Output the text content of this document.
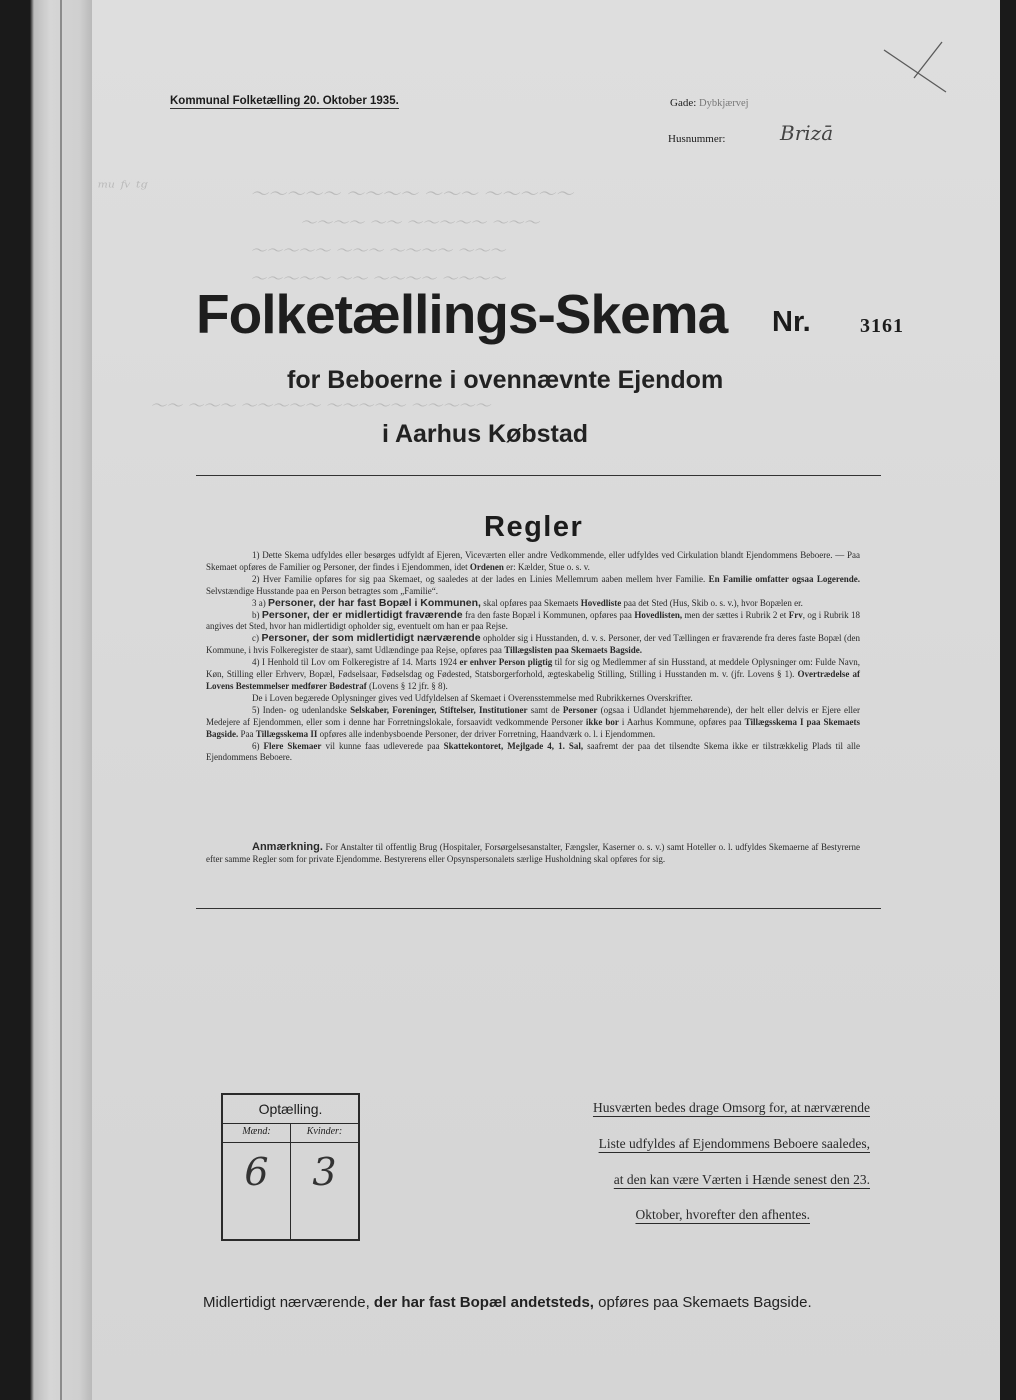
ᵐᵘ ᶠᵛ ᵗᵍ	〜〜〜〜〜 〜〜〜〜 〜〜〜 〜〜〜〜〜
〜〜〜〜 〜〜 〜〜〜〜〜 〜〜〜
〜〜〜〜〜 〜〜〜 〜〜〜〜 〜〜〜
〜〜〜〜〜 〜〜 〜〜〜〜 〜〜〜〜
〜〜 〜〜〜 〜〜〜〜〜 〜〜〜〜〜 〜〜〜〜〜
Kommunal Folketælling 20. Oktober 1935.	Gade: Dybkjærvej
Husnummer:	Brizā
Folketællings-Skema Nr. 3161
for Beboerne i ovennævnte Ejendom
i Aarhus Købstad
Regler

1) Dette Skema udfyldes eller besørges udfyldt af Ejeren, Viceværten eller andre Vedkommende, eller udfyldes ved Cirkulation blandt Ejendommens Beboere. — Paa Skemaet opføres de Familier og Personer, der findes i Ejendommen, idet Ordenen er: Kælder, Stue o. s. v.

2) Hver Familie opføres for sig paa Skemaet, og saaledes at der lades en Linies Mellemrum aaben mellem hver Familie. En Familie omfatter ogsaa Logerende. Selvstændige Husstande paa en Person betragtes som „Familie“.

3 a) Personer, der har fast Bopæl i Kommunen, skal opføres paa Skemaets Hovedliste paa det Sted (Hus, Skib o. s. v.), hvor Bopælen er.

b) Personer, der er midlertidigt fraværende fra den faste Bopæl i Kommunen, opføres paa Hovedlisten, men der sættes i Rubrik 2 et Frv, og i Rubrik 18 angives det Sted, hvor han midlertidigt opholder sig, eventuelt om han er paa Rejse.

c) Personer, der som midlertidigt nærværende opholder sig i Husstanden, d. v. s. Personer, der ved Tællingen er fraværende fra deres faste Bopæl (den Kommune, i hvis Folkeregister de staar), samt Udlændinge paa Rejse, opføres paa Tillægslisten paa Skemaets Bagside.

4) I Henhold til Lov om Folkeregistre af 14. Marts 1924 er enhver Person pligtig til for sig og Medlemmer af sin Husstand, at meddele Oplysninger om: Fulde Navn, Køn, Stilling eller Erhverv, Bopæl, Fødselsaar, Fødselsdag og Fødested, Statsborgerforhold, ægteskabelig Stilling, Stilling i Husstanden m. v. (jfr. Lovens § 1). Overtrædelse af Lovens Bestemmelser medfører Bødestraf (Lovens § 12 jfr. § 8).

De i Loven begærede Oplysninger gives ved Udfyldelsen af Skemaet i Overensstemmelse med Rubrikkernes Overskrifter.

5) Inden- og udenlandske Selskaber, Foreninger, Stiftelser, Institutioner samt de Personer (ogsaa i Udlandet hjemmehørende), der helt eller delvis er Ejere eller Medejere af Ejendommen, eller som i denne har Forretningslokale, forsaavidt vedkommende Personer ikke bor i Aarhus Kommune, opføres paa Tillægsskema I paa Skemaets Bagside. Paa Tillægsskema II opføres alle indenbysboende Personer, der driver Forretning, Haandværk o. l. i Ejendommen.

6) Flere Skemaer vil kunne faas udleverede paa Skattekontoret, Mejlgade 4, 1. Sal, saafremt der paa det tilsendte Skema ikke er tilstrækkelig Plads til alle Ejendommens Beboere.

Anmærkning. For Anstalter til offentlig Brug (Hospitaler, Forsørgelsesanstalter, Fængsler, Kaserner o. s. v.) samt Hoteller o. l. udfyldes Skemaerne af Bestyrerne efter samme Regler som for private Ejendomme. Bestyrerens eller Opsynspersonalets særlige Husholdning skal opføres for sig.

Optælling.
Mænd:	Kvinder:
6	3
Husværten bedes drage Omsorg for, at nærværende
Liste udfyldes af Ejendommens Beboere saaledes,
at den kan være Værten i Hænde senest den 23.
Oktober, hvorefter den afhentes.
Midlertidigt nærværende, der har fast Bopæl andetsteds, opføres paa Skemaets Bagside.
